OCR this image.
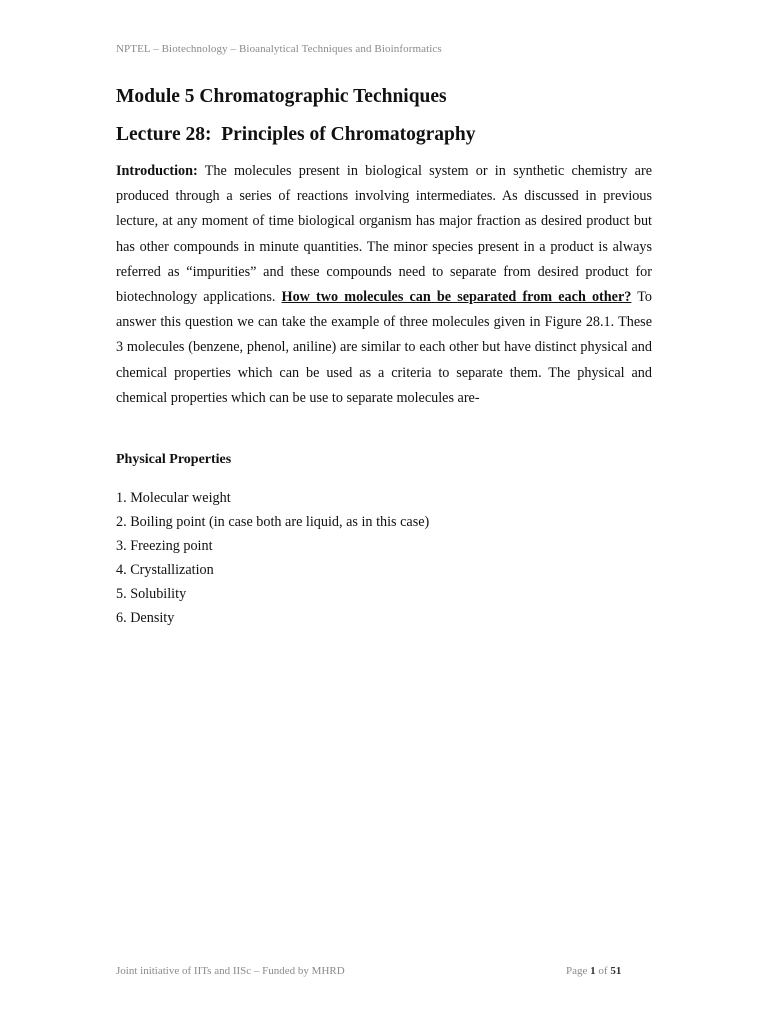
NPTEL – Biotechnology – Bioanalytical Techniques and Bioinformatics
Module 5 Chromatographic Techniques
Lecture 28:  Principles of Chromatography

Introduction: The molecules present in biological system or in synthetic chemistry are produced through a series of reactions involving intermediates. As discussed in previous lecture, at any moment of time biological organism has major fraction as desired product but has other compounds in minute quantities. The minor species present in a product is always referred as “impurities” and these compounds need to separate from desired product for biotechnology applications. How two molecules can be separated from each other? To answer this question we can take the example of three molecules given in Figure 28.1. These 3 molecules (benzene, phenol, aniline) are similar to each other but have distinct physical and chemical properties which can be used as a criteria to separate them. The physical and chemical properties which can be use to separate molecules are-

Physical Properties
1. Molecular weight
2. Boiling point (in case both are liquid, as in this case)
3. Freezing point
4. Crystallization
5. Solubility
6. Density
Joint initiative of IITs and IISc – Funded by MHRD	Page 1 of 51
